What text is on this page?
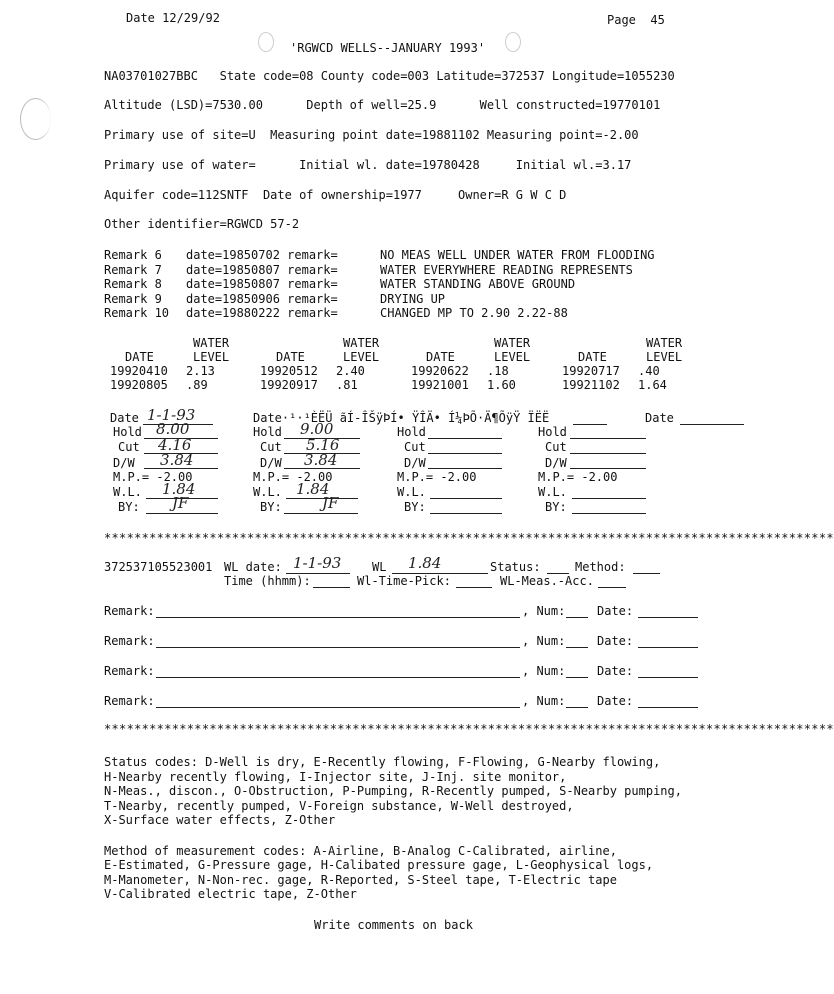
Date 12/29/92	Page  45
'RGWCD WELLS--JANUARY 1993'
NA03701027BBC   State code=08 County code=003 Latitude=372537 Longitude=1055230
Altitude (LSD)=7530.00      Depth of well=25.9      Well constructed=19770101
Primary use of site=U  Measuring point date=19881102 Measuring point=-2.00
Primary use of water=      Initial wl. date=19780428     Initial wl.=3.17
Aquifer code=112SNTF  Date of ownership=1977     Owner=R G W C D
Other identifier=RGWCD 57-2
Remark 6 date=19850702 remark=	NO MEAS WELL UNDER WATER FROM FLOODING
Remark 7 date=19850807 remark=	WATER EVERYWHERE READING REPRESENTS
Remark 8 date=19850807 remark=	WATER STANDING ABOVE GROUND
Remark 9 date=19850906 remark=	DRYING UP
Remark 10 date=19880222 remark=	CHANGED MP TO 2.90 2.22-88
WATER	WATER	WATER	WATER
DATE	LEVEL	DATE	LEVEL	DATE	LEVEL	DATE	LEVEL
19920410 2.13	19920512 2.40	19920622 .18	19920717 .40
19920805 .89	19920917 .81	19921001 1.60	19921102 1.64
Date 1-1-93
Hold 8.00
Cut 4.16
D/W 3.84
M.P.= -2.00
W.L. 1.84
BY: JF
Date·¹·¹ÈËÜ ãÍ-ÎŠÿÞÍ• ŸÎÄ• Í¼ÞÕ·Ä¶ÕÿŸ ÏËË	Date
Hold 9.00
Cut 5.16
D/W 3.84
M.P.= -2.00
W.L. 1.84
BY:	JF
Hold
Cut
D/W
M.P.= -2.00
W.L.
BY:
Hold
Cut
D/W
M.P.= -2.00
W.L.
BY:
*************************************************************************************************
372537105523001 WL date: 1-1-93	WL 1.84	Status:	Method:
Time (hhmm):	Wl-Time-Pick:	WL-Meas.-Acc.
Remark:	, Num:	Date:
Remark:	, Num:	Date:
Remark:	, Num:	Date:
Remark:	, Num:	Date:
*************************************************************************************************
Status codes: D-Well is dry, E-Recently flowing, F-Flowing, G-Nearby flowing,
H-Nearby recently flowing, I-Injector site, J-Inj. site monitor,
N-Meas., discon., O-Obstruction, P-Pumping, R-Recently pumped, S-Nearby pumping,
T-Nearby, recently pumped, V-Foreign substance, W-Well destroyed,
X-Surface water effects, Z-Other
Method of measurement codes: A-Airline, B-Analog C-Calibrated, airline,
E-Estimated, G-Pressure gage, H-Calibated pressure gage, L-Geophysical logs,
M-Manometer, N-Non-rec. gage, R-Reported, S-Steel tape, T-Electric tape
V-Calibrated electric tape, Z-Other
Write comments on back
